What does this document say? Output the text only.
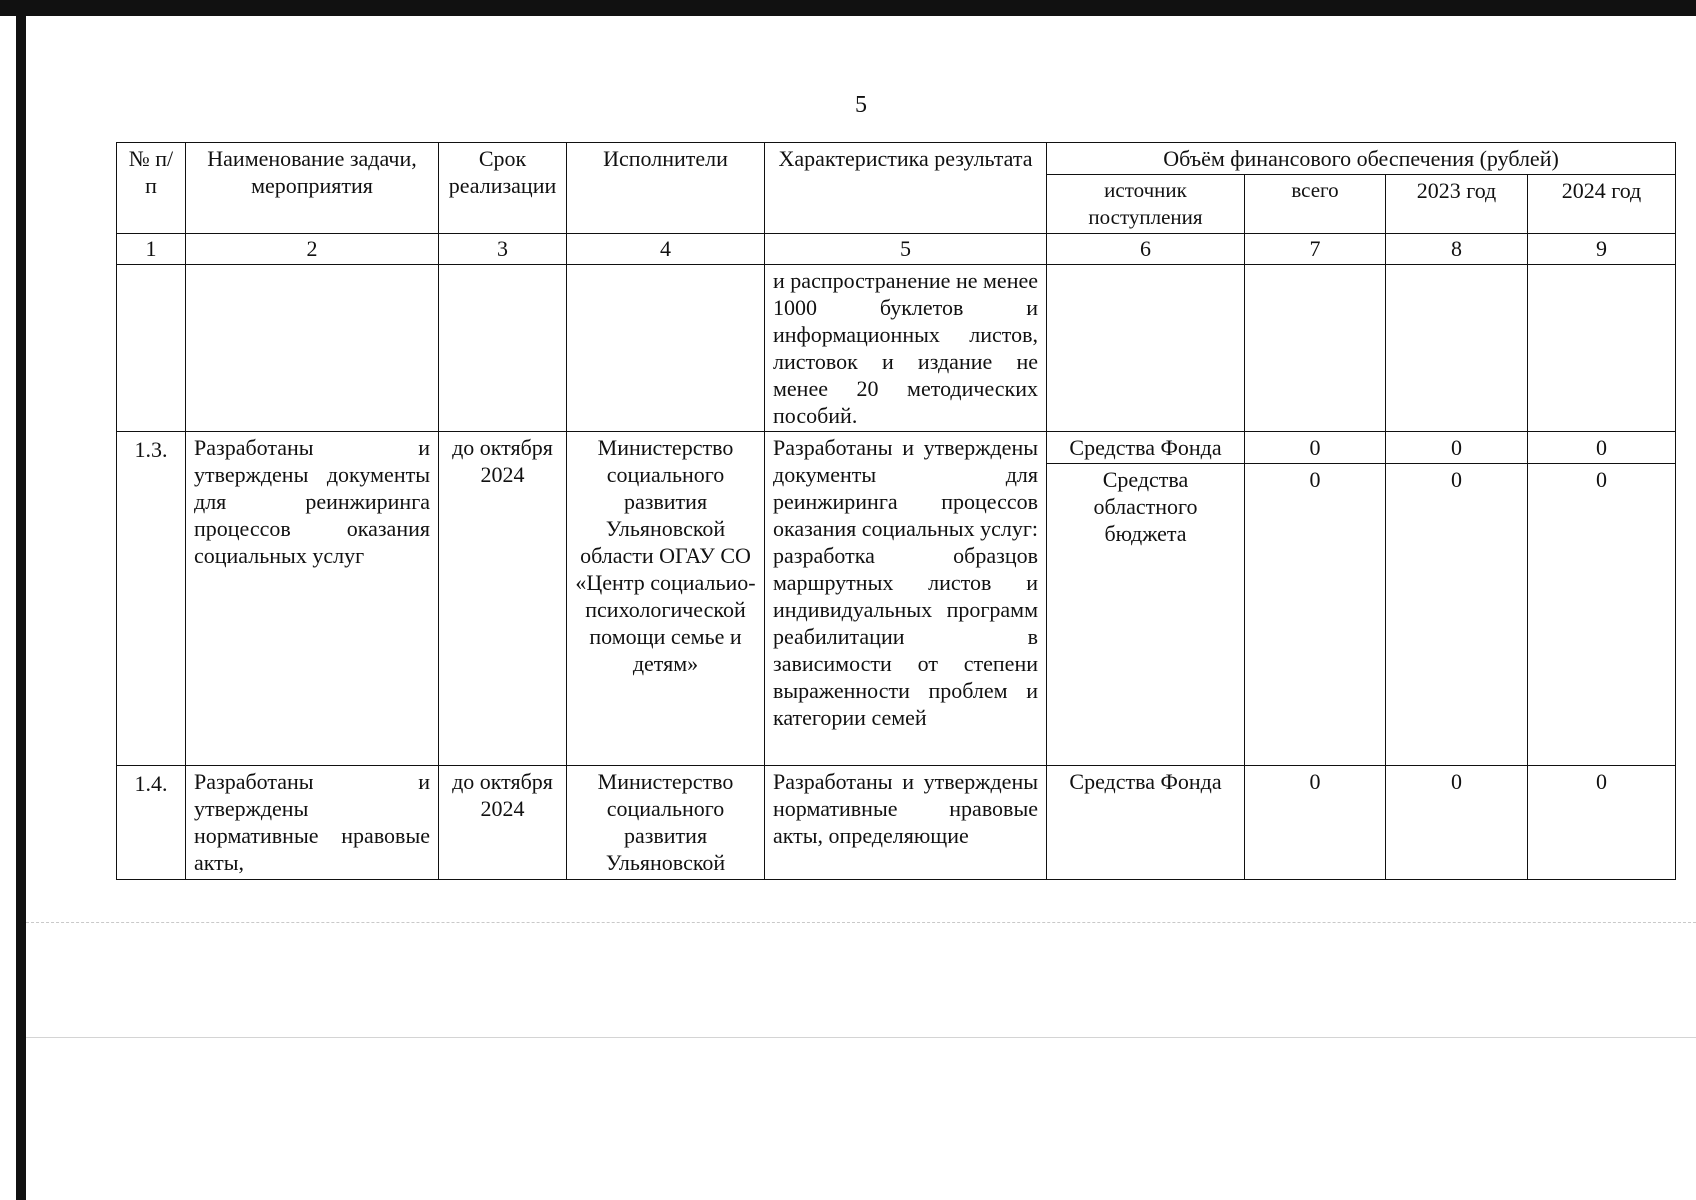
5
№ п/п	Наименование задачи, мероприятия	Срок реализации	Исполнители	Характеристика результата	Объём финансового обеспечения (рублей)			
					источник поступления	всего	2023 год	2024 год
1	2	3	4	5	6	7	8	9
				и распространение не менее 1000 буклетов и информационных листов, листовок и издание не менее 20 методических пособий.				
1.3.	Разработаны и утверждены документы для реинжиринга процессов оказания социальных услуг	до октября 2024	Министерство социального развития Ульяновской области ОГАУ СО «Центр социальио-психологической помощи семье и детям»	Разработаны и утверждены документы для реинжиринга процессов оказания социальных услуг: разработка образцов маршрутных листов и индивидуальных программ реабилитации в зависимости от степени выраженности проблем и категории семей	Средства Фонда	0	0	0
					Средства областного бюджета	0	0	0
1.4.	Разработаны и утверждены нормативные нравовые акты,	до октября 2024	Министерство социального развития Ульяновской	Разработаны и утверждены нормативные нравовые акты, определяющие	Средства Фонда	0	0	0
